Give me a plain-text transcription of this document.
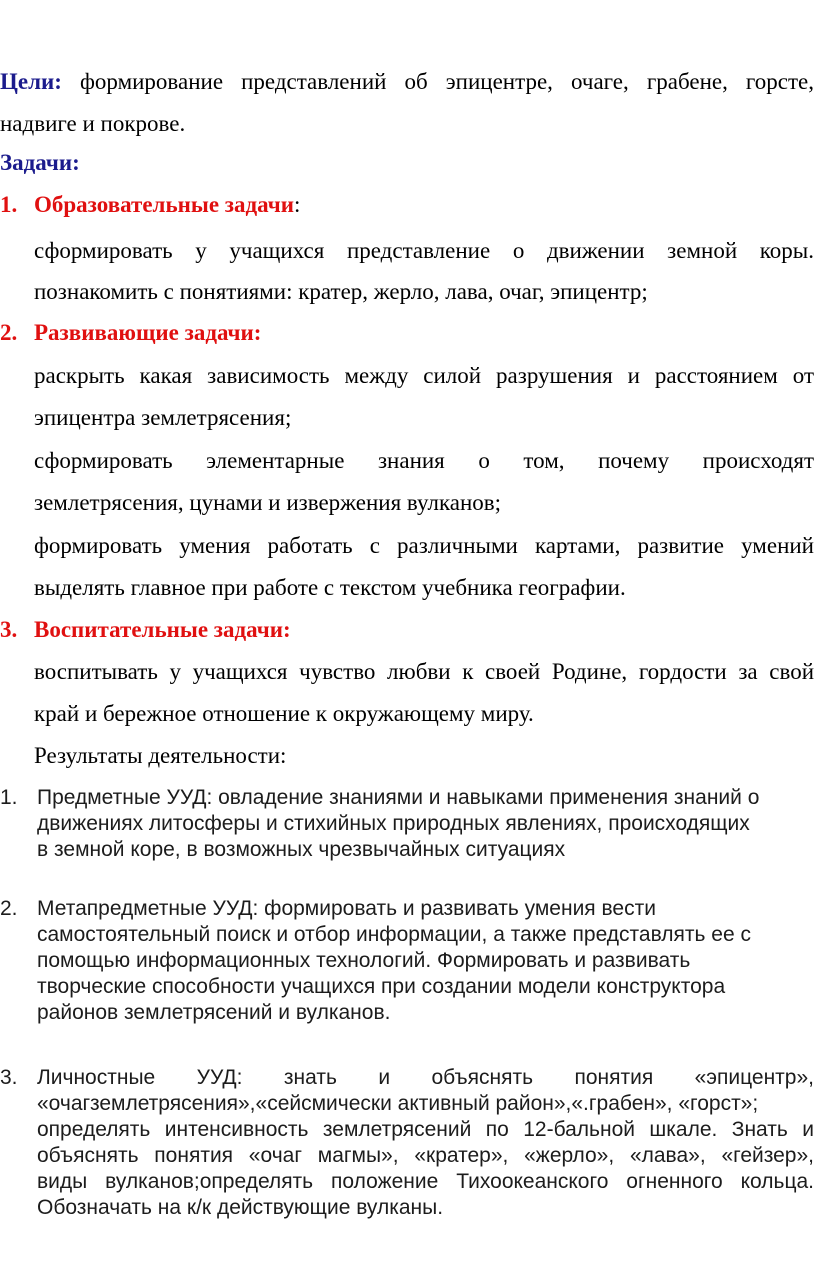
Цели: формирование представлений об эпицентре, очаге, грабене, горсте,
надвиге и покрове.
Задачи:
1. Образовательные задачи:
сформировать у учащихся представление о движении земной коры.
познакомить с понятиями: кратер, жерло, лава, очаг, эпицентр;
2. Развивающие задачи:
раскрыть какая зависимость между силой разрушения и расстоянием от
эпицентра землетрясения;
сформировать элементарные знания о том, почему происходят
землетрясения, цунами и извержения вулканов;
формировать умения работать с различными картами, развитие умений
выделять главное при работе с текстом учебника географии.
3. Воспитательные задачи:
воспитывать у учащихся чувство любви к своей Родине, гордости за свой
край и бережное отношение к окружающему миру.
Результаты деятельности:
1. Предметные УУД: овладение знаниями и навыками применения знаний о
движениях литосферы и стихийных природных явлениях, происходящих
в земной коре, в возможных чрезвычайных ситуациях
2. Метапредметные УУД: формировать и развивать умения вести
самостоятельный поиск и отбор информации, а также представлять ее с
помощью информационных технологий. Формировать и развивать
творческие способности учащихся при создании модели конструктора
районов землетрясений и вулканов.
3. Личностные УУД: знать и объяснять понятия «эпицентр»,
«очагземлетрясения»,«сейсмически активный район»,«.грабен», «горст»;
определять интенсивность землетрясений по 12-бальной шкале. Знать и
объяснять понятия «очаг магмы», «кратер», «жерло», «лава», «гейзер»,
виды вулканов;определять положение Тихоокеанского огненного кольца.
Обозначать на к/к действующие вулканы.
